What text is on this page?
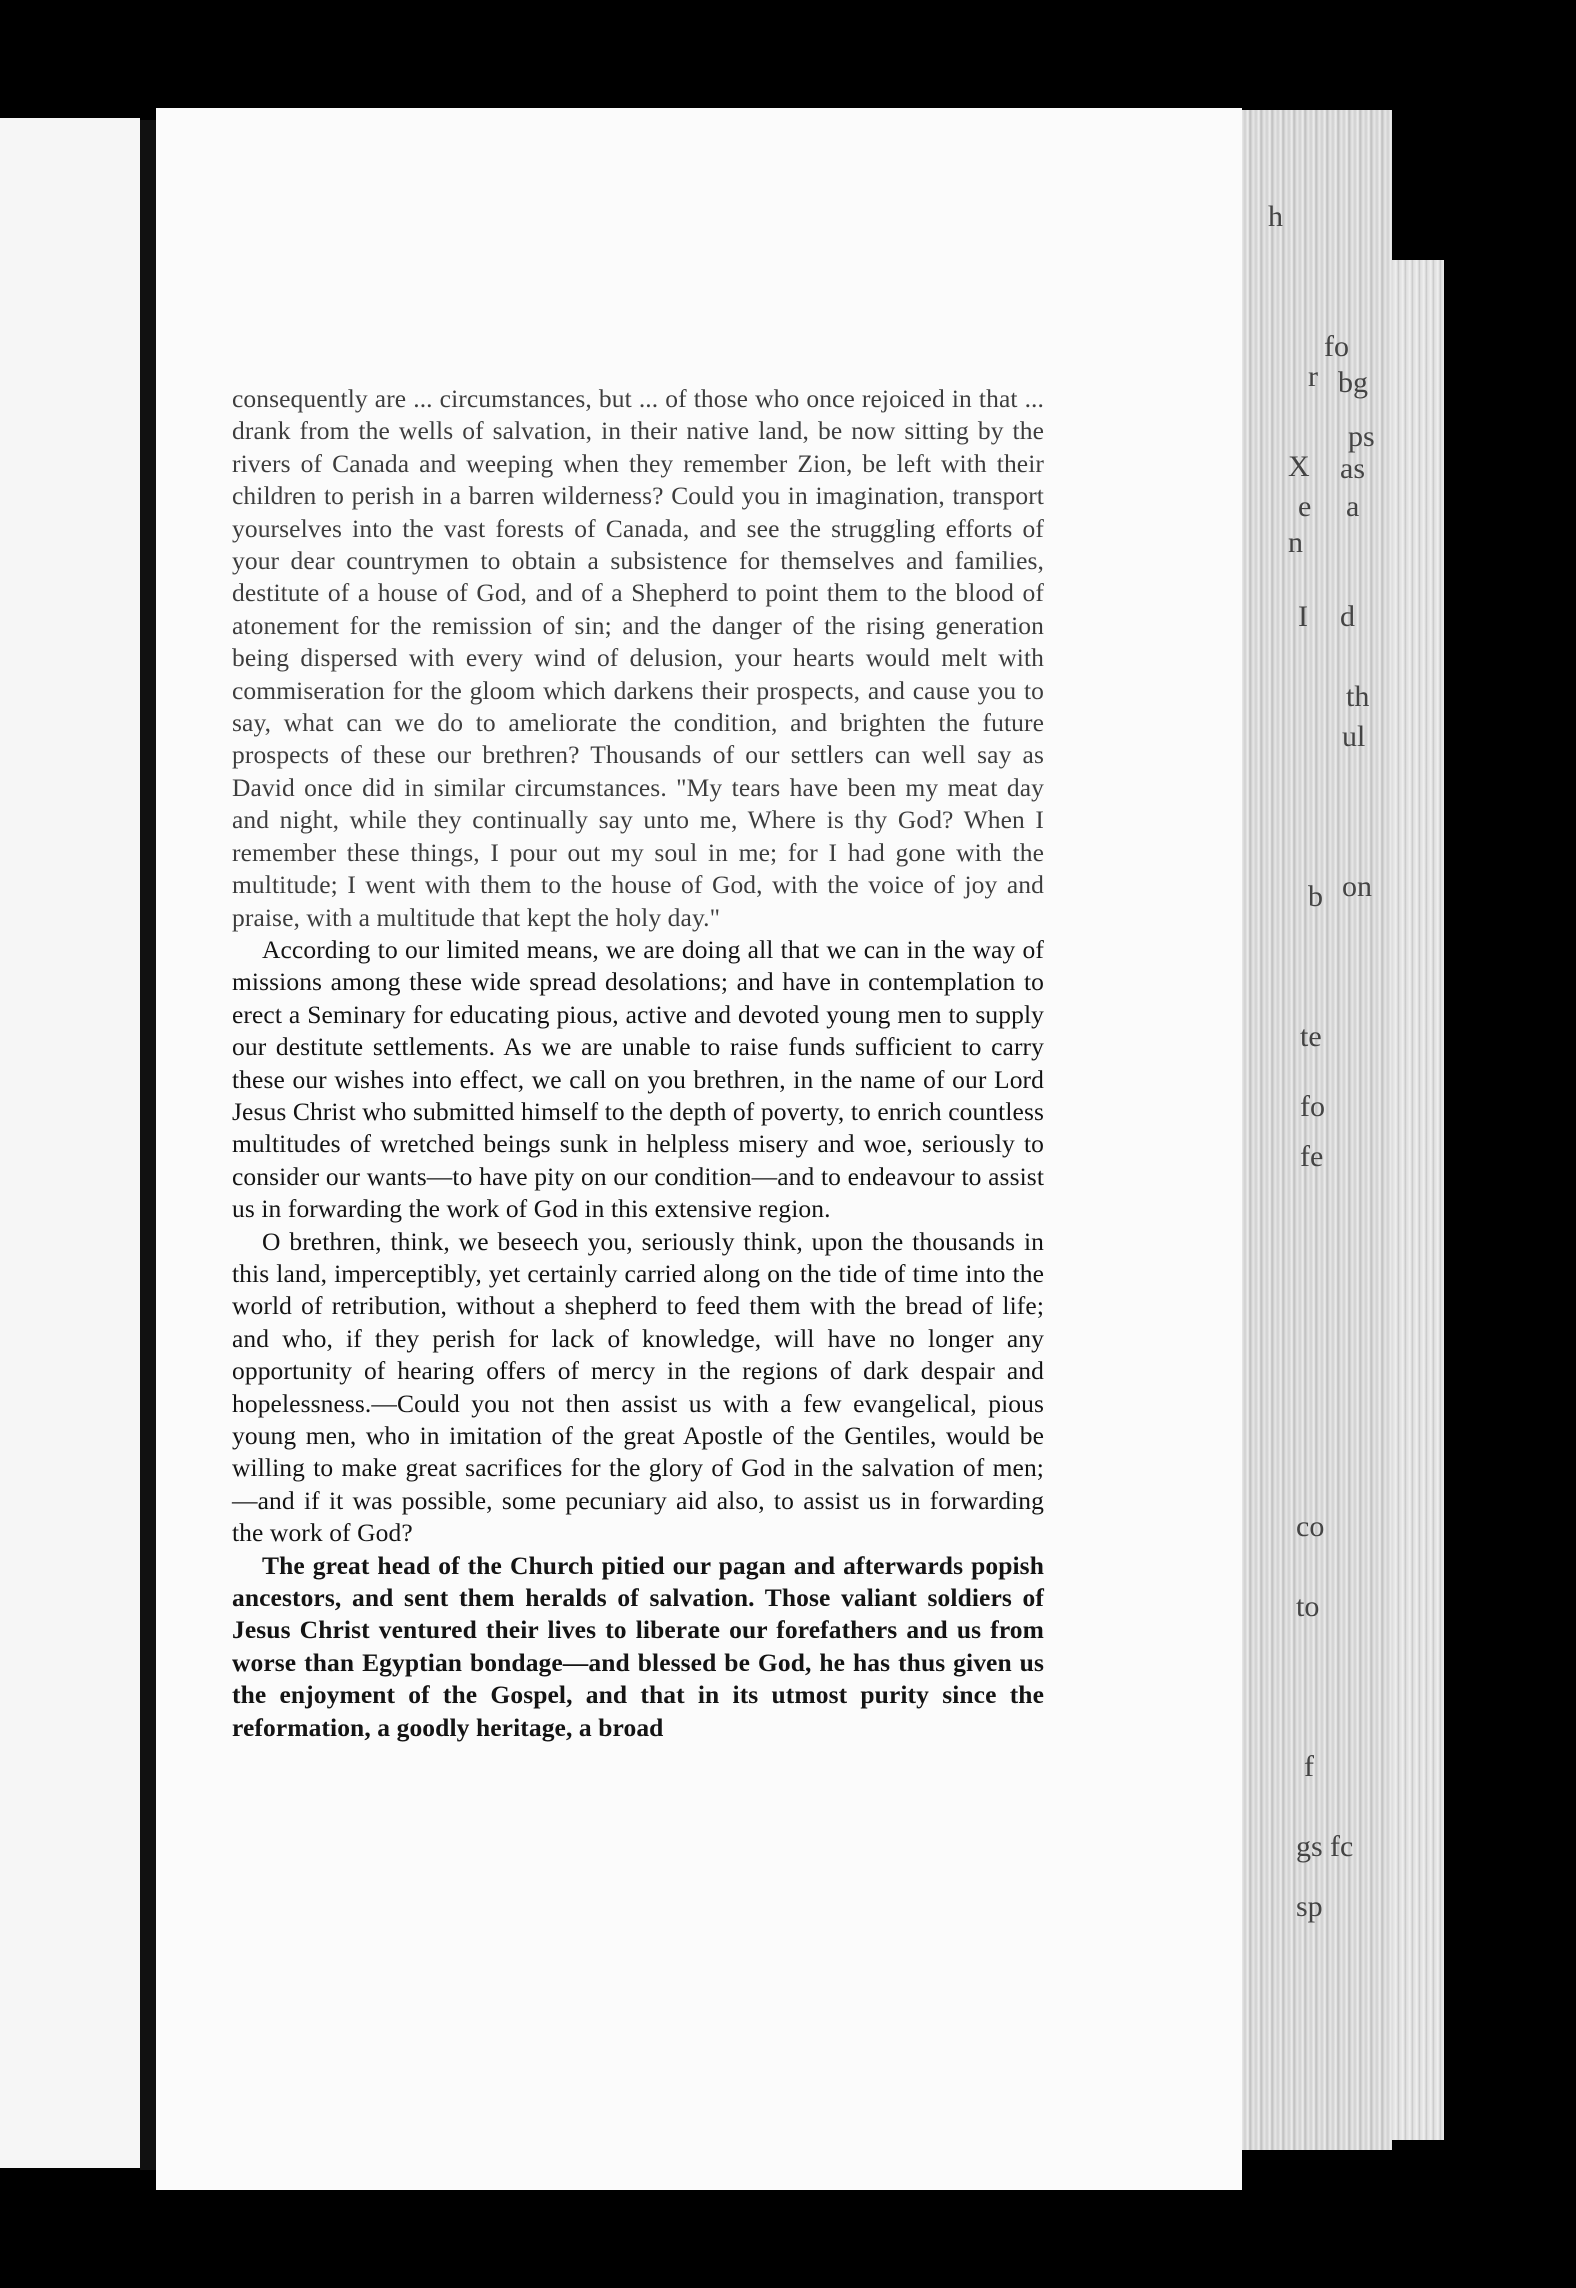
h
fo
r bg
ps
X as
e a
n
I d
th
ul
on
b
te
fo
fe
co
to
f
gs fc
sp

consequently are ... circumstances, but ... of those who once rejoiced in that ... drank from the wells of salvation, in their native land, be now sitting by the rivers of Canada and weeping when they remember Zion, be left with their children to perish in a barren wilderness? Could you in imagination, transport yourselves into the vast forests of Canada, and see the struggling efforts of your dear countrymen to obtain a subsistence for themselves and families, destitute of a house of God, and of a Shepherd to point them to the blood of atonement for the remission of sin; and the danger of the rising generation being dispersed with every wind of delusion, your hearts would melt with commiseration for the gloom which darkens their prospects, and cause you to say, what can we do to ameliorate the condition, and brighten the future prospects of these our brethren? Thousands of our settlers can well say as David once did in similar circumstances. "My tears have been my meat day and night, while they continually say unto me, Where is thy God? When I remember these things, I pour out my soul in me; for I had gone with the multitude; I went with them to the house of God, with the voice of joy and praise, with a multitude that kept the holy day."

According to our limited means, we are doing all that we can in the way of missions among these wide spread desolations; and have in contemplation to erect a Seminary for educating pious, active and devoted young men to supply our destitute settlements. As we are unable to raise funds sufficient to carry these our wishes into effect, we call on you brethren, in the name of our Lord Jesus Christ who submitted himself to the depth of poverty, to enrich countless multitudes of wretched beings sunk in helpless misery and woe, seriously to consider our wants—to have pity on our condition—and to endeavour to assist us in forwarding the work of God in this extensive region.

O brethren, think, we beseech you, seriously think, upon the thousands in this land, imperceptibly, yet certainly carried along on the tide of time into the world of retribution, without a shepherd to feed them with the bread of life; and who, if they perish for lack of knowledge, will have no longer any opportunity of hearing offers of mercy in the regions of dark despair and hopelessness.—Could you not then assist us with a few evangelical, pious young men, who in imitation of the great Apostle of the Gentiles, would be willing to make great sacrifices for the glory of God in the salvation of men;—and if it was possible, some pecuniary aid also, to assist us in forwarding the work of God?

The great head of the Church pitied our pagan and afterwards popish ancestors, and sent them heralds of salvation. Those valiant soldiers of Jesus Christ ventured their lives to liberate our forefathers and us from worse than Egyptian bondage—and blessed be God, he has thus given us the enjoyment of the Gospel, and that in its utmost purity since the reformation, a goodly heritage, a broad
